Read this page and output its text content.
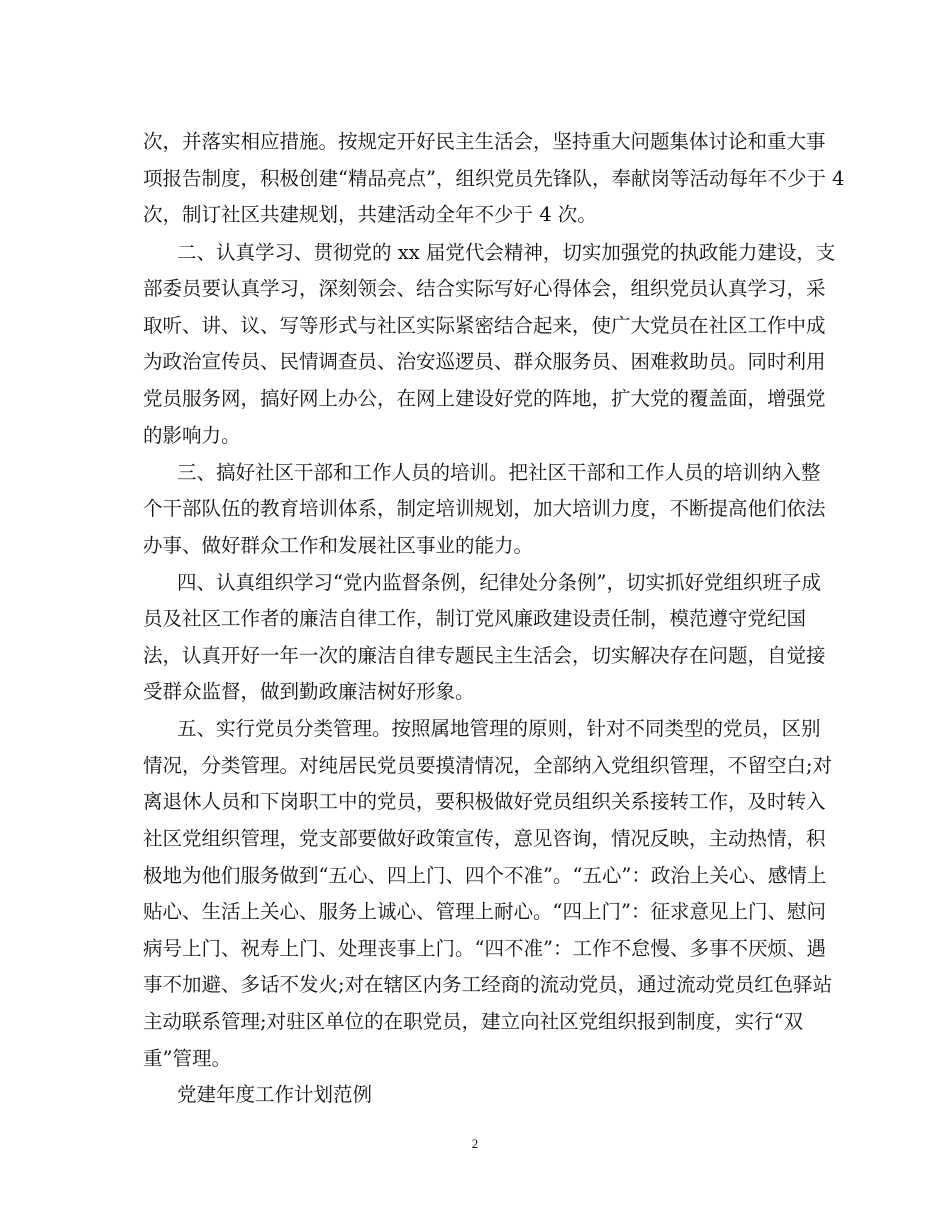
次，并落实相应措施。按规定开好民主生活会，坚持重大问题集体讨论和重大事

项报告制度，积极创建“精品亮点”，组织党员先锋队，奉献岗等活动每年不少于 4

次，制订社区共建规划，共建活动全年不少于 4 次。

二、认真学习、贯彻党的 xx 届党代会精神，切实加强党的执政能力建设，支

部委员要认真学习，深刻领会、结合实际写好心得体会，组织党员认真学习，采

取听、讲、议、写等形式与社区实际紧密结合起来，使广大党员在社区工作中成

为政治宣传员、民情调查员、治安巡逻员、群众服务员、困难救助员。同时利用

党员服务网，搞好网上办公，在网上建设好党的阵地，扩大党的覆盖面，增强党

的影响力。

三、搞好社区干部和工作人员的培训。把社区干部和工作人员的培训纳入整

个干部队伍的教育培训体系，制定培训规划，加大培训力度，不断提高他们依法

办事、做好群众工作和发展社区事业的能力。

四、认真组织学习“党内监督条例，纪律处分条例”，切实抓好党组织班子成

员及社区工作者的廉洁自律工作，制订党风廉政建设责任制，模范遵守党纪国

法，认真开好一年一次的廉洁自律专题民主生活会，切实解决存在问题，自觉接

受群众监督，做到勤政廉洁树好形象。

五、实行党员分类管理。按照属地管理的原则，针对不同类型的党员，区别

情况，分类管理。对纯居民党员要摸清情况，全部纳入党组织管理，不留空白;对

离退休人员和下岗职工中的党员，要积极做好党员组织关系接转工作，及时转入

社区党组织管理，党支部要做好政策宣传，意见咨询，情况反映，主动热情，积

极地为他们服务做到“五心、四上门、四个不准”。“五心”：政治上关心、感情上

贴心、生活上关心、服务上诚心、管理上耐心。“四上门”：征求意见上门、慰问

病号上门、祝寿上门、处理丧事上门。“四不准”：工作不怠慢、多事不厌烦、遇

事不加避、多话不发火;对在辖区内务工经商的流动党员，通过流动党员红色驿站

主动联系管理;对驻区单位的在职党员，建立向社区党组织报到制度，实行“双

重”管理。

党建年度工作计划范例

2
